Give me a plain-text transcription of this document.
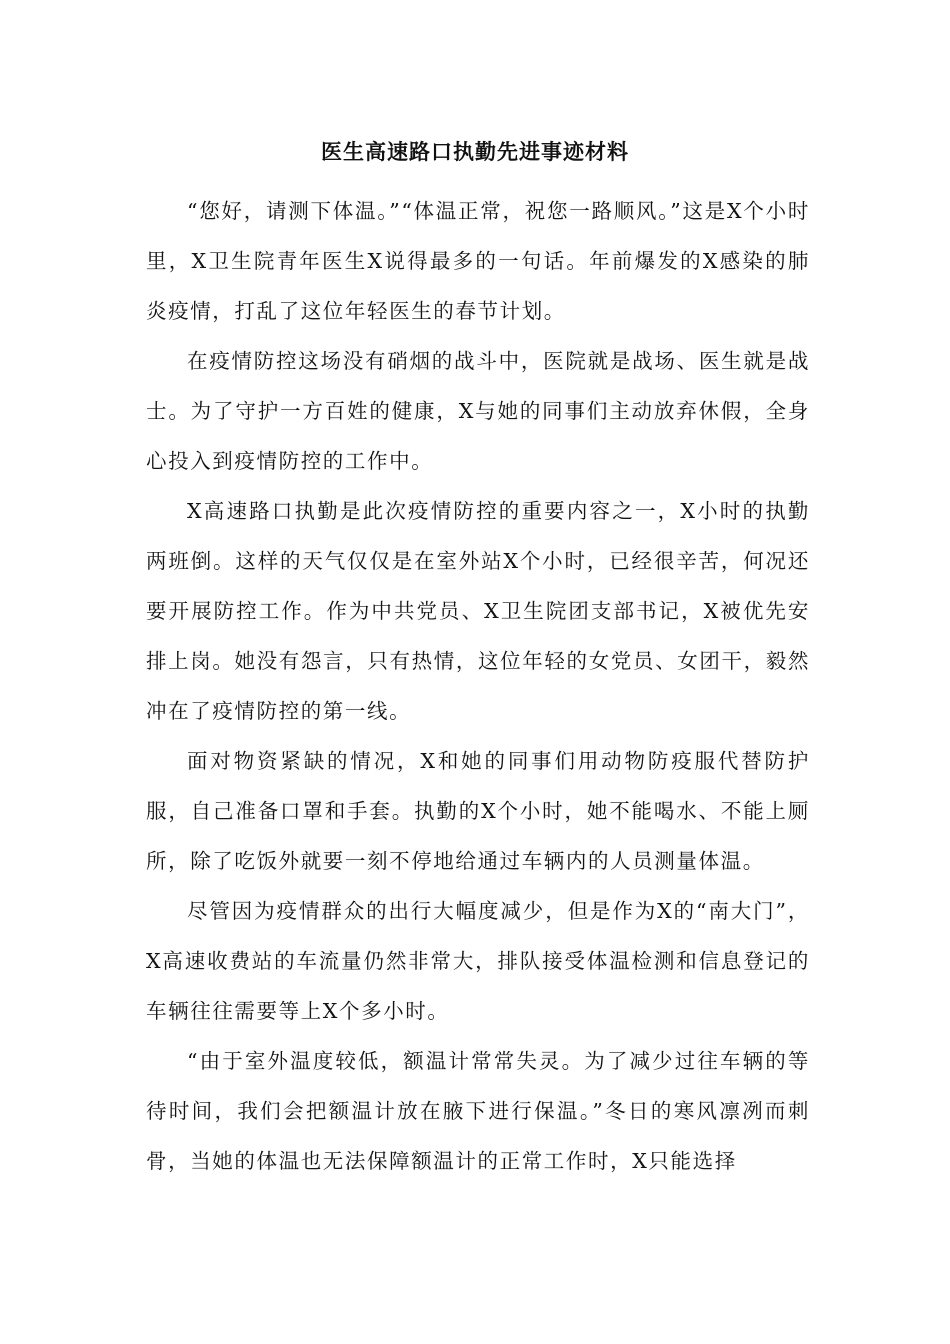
医生高速路口执勤先进事迹材料

“您好，请测下体温。”“体温正常，祝您一路顺风。”这是X个小时里，X卫生院青年医生X说得最多的一句话。年前爆发的X感染的肺炎疫情，打乱了这位年轻医生的春节计划。

在疫情防控这场没有硝烟的战斗中，医院就是战场、医生就是战士。为了守护一方百姓的健康，X与她的同事们主动放弃休假，全身心投入到疫情防控的工作中。

X高速路口执勤是此次疫情防控的重要内容之一，X小时的执勤两班倒。这样的天气仅仅是在室外站X个小时，已经很辛苦，何况还要开展防控工作。作为中共党员、X卫生院团支部书记，X被优先安排上岗。她没有怨言，只有热情，这位年轻的女党员、女团干，毅然冲在了疫情防控的第一线。

面对物资紧缺的情况，X和她的同事们用动物防疫服代替防护服，自己准备口罩和手套。执勤的X个小时，她不能喝水、不能上厕所，除了吃饭外就要一刻不停地给通过车辆内的人员测量体温。

尽管因为疫情群众的出行大幅度减少，但是作为X的“南大门”，X高速收费站的车流量仍然非常大，排队接受体温检测和信息登记的车辆往往需要等上X个多小时。

“由于室外温度较低，额温计常常失灵。为了减少过往车辆的等待时间，我们会把额温计放在腋下进行保温。”冬日的寒风凛冽而刺骨，当她的体温也无法保障额温计的正常工作时，X只能选择
